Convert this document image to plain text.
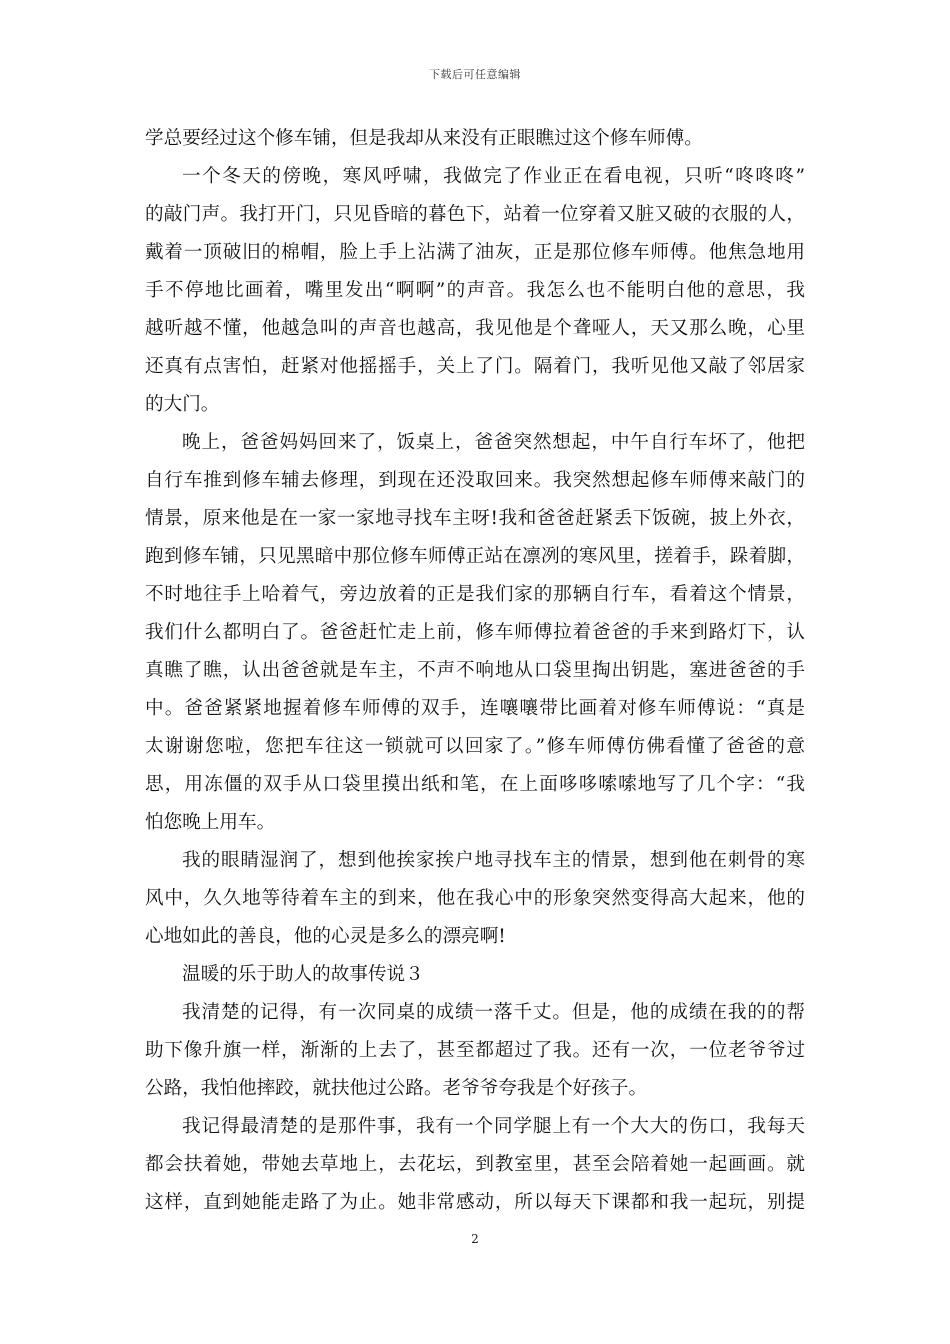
下载后可任意编辑
学总要经过这个修车铺，但是我却从来没有正眼瞧过这个修车师傅。
一个冬天的傍晚，寒风呼啸，我做完了作业正在看电视，只听“咚咚咚”
的敲门声。我打开门，只见昏暗的暮色下，站着一位穿着又脏又破的衣服的人，
戴着一顶破旧的棉帽，脸上手上沾满了油灰，正是那位修车师傅。他焦急地用
手不停地比画着，嘴里发出“啊啊”的声音。我怎么也不能明白他的意思，我
越听越不懂，他越急叫的声音也越高，我见他是个聋哑人，天又那么晚，心里
还真有点害怕，赶紧对他摇摇手，关上了门。隔着门，我听见他又敲了邻居家
的大门。
晚上，爸爸妈妈回来了，饭桌上，爸爸突然想起，中午自行车坏了，他把
自行车推到修车辅去修理，到现在还没取回来。我突然想起修车师傅来敲门的
情景，原来他是在一家一家地寻找车主呀!我和爸爸赶紧丢下饭碗，披上外衣，
跑到修车铺，只见黑暗中那位修车师傅正站在凛冽的寒风里，搓着手，跺着脚，
不时地往手上哈着气，旁边放着的正是我们家的那辆自行车，看着这个情景，
我们什么都明白了。爸爸赶忙走上前，修车师傅拉着爸爸的手来到路灯下，认
真瞧了瞧，认出爸爸就是车主，不声不响地从口袋里掏出钥匙，塞进爸爸的手
中。爸爸紧紧地握着修车师傅的双手，连嚷嚷带比画着对修车师傅说：“真是
太谢谢您啦，您把车往这一锁就可以回家了。”修车师傅仿佛看懂了爸爸的意
思，用冻僵的双手从口袋里摸出纸和笔，在上面哆哆嗦嗦地写了几个字：“我
怕您晚上用车。
我的眼睛湿润了，想到他挨家挨户地寻找车主的情景，想到他在刺骨的寒
风中，久久地等待着车主的到来，他在我心中的形象突然变得高大起来，他的
心地如此的善良，他的心灵是多么的漂亮啊!
温暖的乐于助人的故事传说３
我清楚的记得，有一次同桌的成绩一落千丈。但是，他的成绩在我的的帮
助下像升旗一样，渐渐的上去了，甚至都超过了我。还有一次，一位老爷爷过
公路，我怕他摔跤，就扶他过公路。老爷爷夸我是个好孩子。
我记得最清楚的是那件事，我有一个同学腿上有一个大大的伤口，我每天
都会扶着她，带她去草地上，去花坛，到教室里，甚至会陪着她一起画画。就
这样，直到她能走路了为止。她非常感动，所以每天下课都和我一起玩，别提
2
